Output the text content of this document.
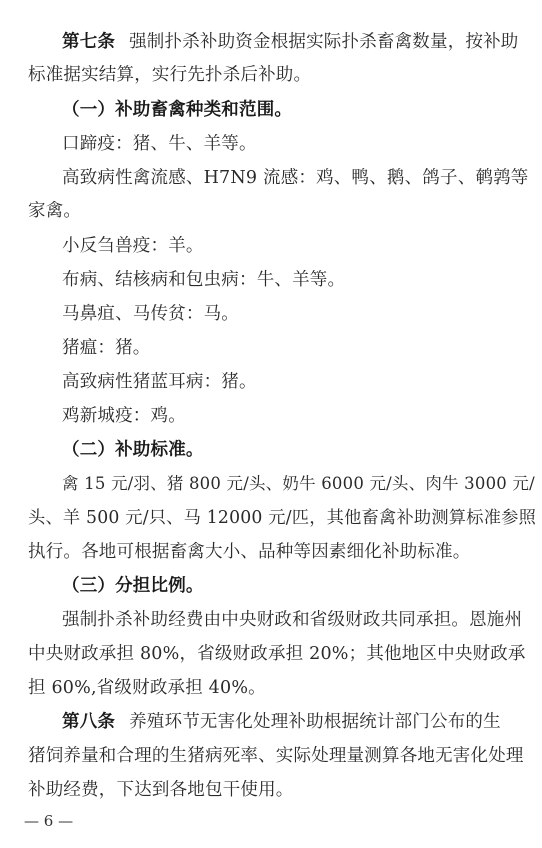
第七条 强制扑杀补助资金根据实际扑杀畜禽数量，按补助
标准据实结算，实行先扑杀后补助。
（一）补助畜禽种类和范围。
口蹄疫：猪、牛、羊等。
高致病性禽流感、H7N9 流感：鸡、鸭、鹅、鸽子、鹌鹑等
家禽。
小反刍兽疫：羊。
布病、结核病和包虫病：牛、羊等。
马鼻疽、马传贫：马。
猪瘟：猪。
高致病性猪蓝耳病：猪。
鸡新城疫：鸡。
（二）补助标准。
禽 15 元/羽、猪 800 元/头、奶牛 6000 元/头、肉牛 3000 元/
头、羊 500 元/只、马 12000 元/匹，其他畜禽补助测算标准参照
执行。各地可根据畜禽大小、品种等因素细化补助标准。
（三）分担比例。
强制扑杀补助经费由中央财政和省级财政共同承担。恩施州
中央财政承担 80%，省级财政承担 20%；其他地区中央财政承
担 60%,省级财政承担 40%。
第八条 养殖环节无害化处理补助根据统计部门公布的生
猪饲养量和合理的生猪病死率、实际处理量测算各地无害化处理
补助经费，下达到各地包干使用。
— 6 —
